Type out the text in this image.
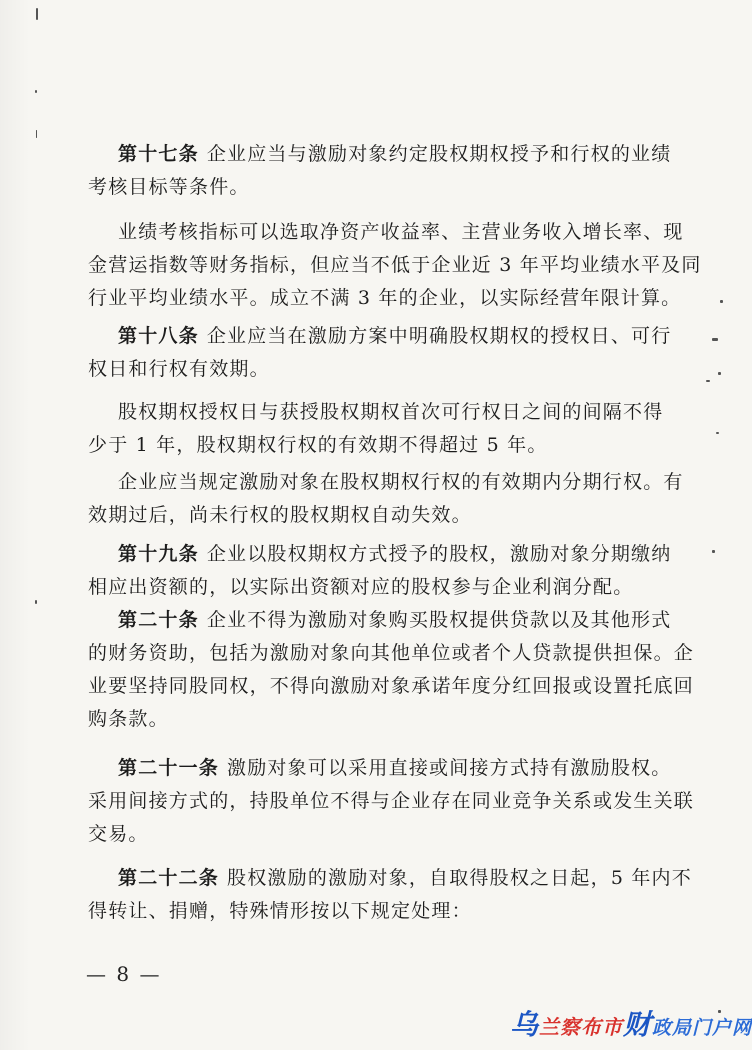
第十七条 企业应当与激励对象约定股权期权授予和行权的业绩
考核目标等条件。
业绩考核指标可以选取净资产收益率、主营业务收入增长率、现
金营运指数等财务指标，但应当不低于企业近 3 年平均业绩水平及同
行业平均业绩水平。成立不满 3 年的企业，以实际经营年限计算。
第十八条 企业应当在激励方案中明确股权期权的授权日、可行
权日和行权有效期。
股权期权授权日与获授股权期权首次可行权日之间的间隔不得
少于 1 年，股权期权行权的有效期不得超过 5 年。
企业应当规定激励对象在股权期权行权的有效期内分期行权。有
效期过后，尚未行权的股权期权自动失效。
第十九条 企业以股权期权方式授予的股权，激励对象分期缴纳
相应出资额的，以实际出资额对应的股权参与企业利润分配。
第二十条 企业不得为激励对象购买股权提供贷款以及其他形式
的财务资助，包括为激励对象向其他单位或者个人贷款提供担保。企
业要坚持同股同权，不得向激励对象承诺年度分红回报或设置托底回
购条款。
第二十一条 激励对象可以采用直接或间接方式持有激励股权。
采用间接方式的，持股单位不得与企业存在同业竞争关系或发生关联
交易。
第二十二条 股权激励的激励对象，自取得股权之日起，5 年内不
得转让、捐赠，特殊情形按以下规定处理：
— 8 —
乌兰察布市财政局门户网
